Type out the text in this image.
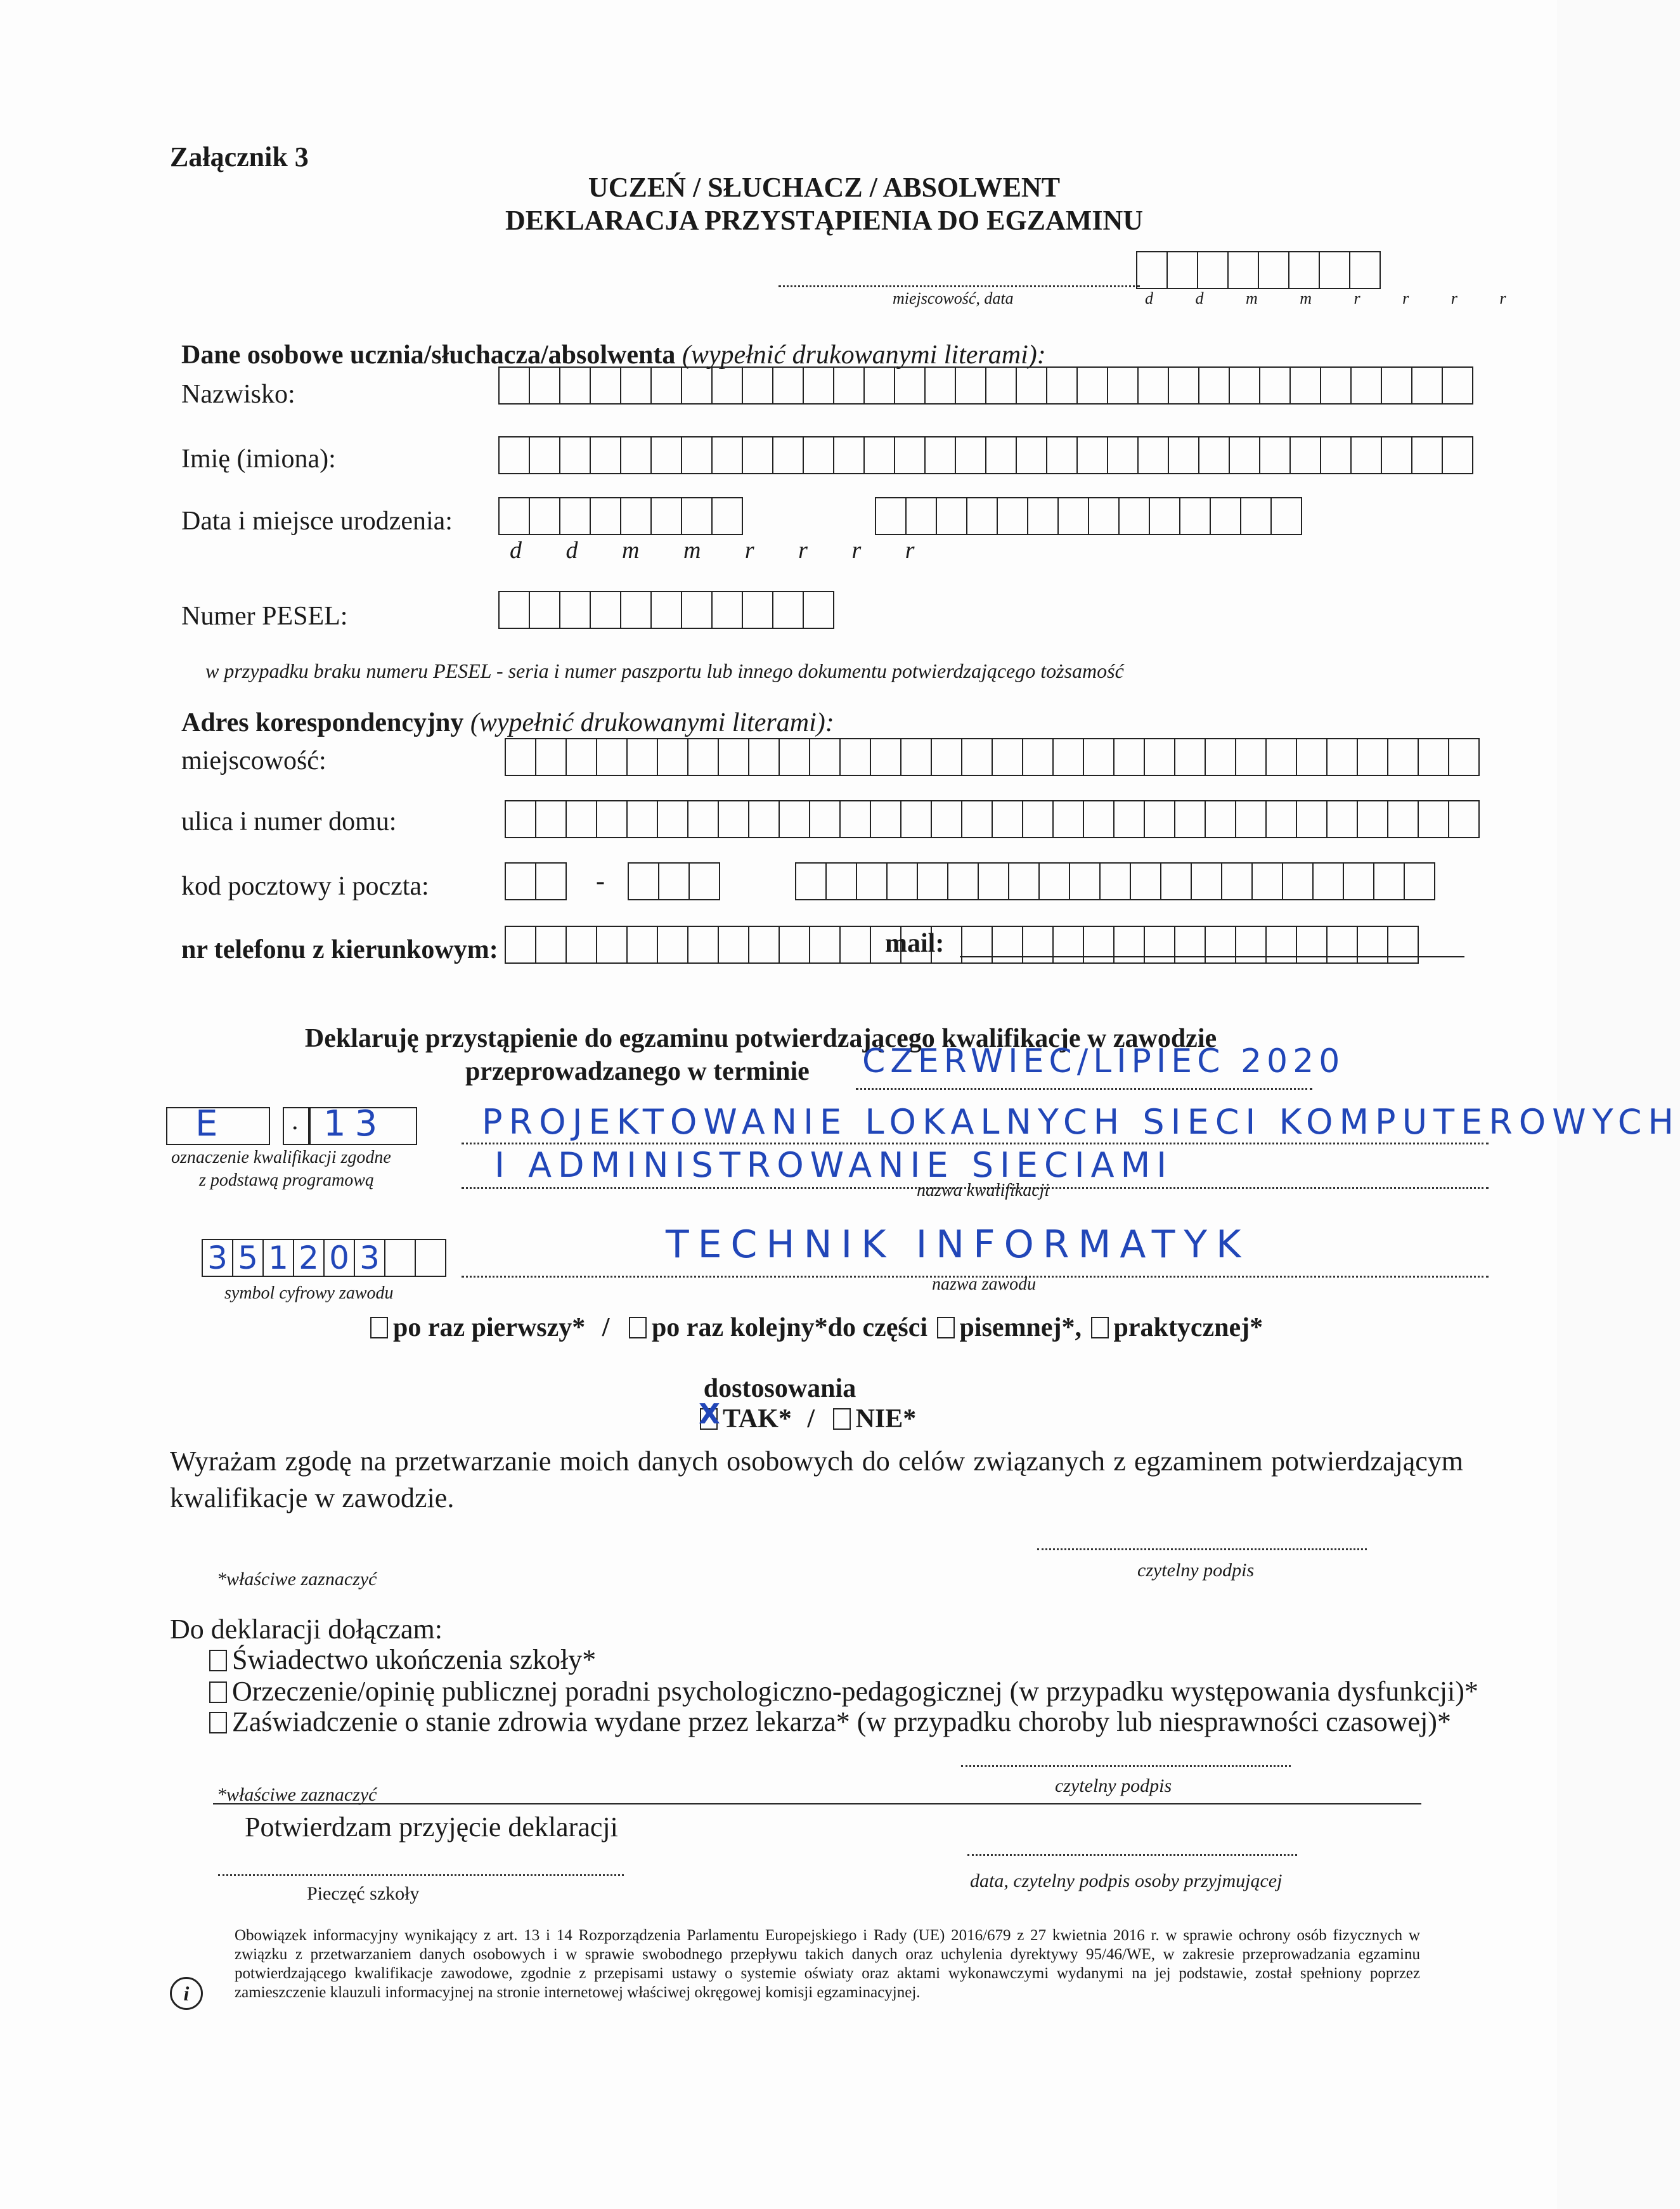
Załącznik 3
UCZEŃ / SŁUCHACZ / ABSOLWENT
DEKLARACJA PRZYSTĄPIENIA DO EGZAMINU
miejscowość, data	d d m m r r r r
Dane osobowe ucznia/słuchacza/absolwenta (wypełnić drukowanymi literami):
Nazwisko:
Imię (imiona):
Data i miejsce urodzenia:
d d m m r r r r
Numer PESEL:
w przypadku braku numeru PESEL - seria i numer paszportu lub innego dokumentu potwierdzającego tożsamość
Adres korespondencyjny (wypełnić drukowanymi literami):
miejscowość:
ulica i numer domu:
kod pocztowy i poczta:	-
nr telefonu z kierunkowym:	mail:
Deklaruję przystąpienie do egzaminu potwierdzającego kwalifikacje w zawodzie
przeprowadzanego w terminie CZERWIEC/LIPIEC 2020
E . 13
oznaczenie kwalifikacji zgodne
z podstawą programową
PROJEKTOWANIE LOKALNYCH SIECI KOMPUTEROWYCH
I ADMINISTROWANIE SIECIAMI
nazwa kwalifikacji
3 5 1 2 0 3
symbol cyfrowy zawodu
TECHNIK INFORMATYK
nazwa zawodu
po raz pierwszy* / po raz kolejny*do części pisemnej*, praktycznej*
dostosowania
X TAK* / NIE*
Wyrażam zgodę na przetwarzanie moich danych osobowych do celów związanych z egzaminem potwierdzającym kwalifikacje w zawodzie.
*właściwe zaznaczyć	czytelny podpis
Do deklaracji dołączam:
Świadectwo ukończenia szkoły*
Orzeczenie/opinię publicznej poradni psychologiczno-pedagogicznej (w przypadku występowania dysfunkcji)*
Zaświadczenie o stanie zdrowia wydane przez lekarza* (w przypadku choroby lub niesprawności czasowej)*
*właściwe zaznaczyć	czytelny podpis
Potwierdzam przyjęcie deklaracji
Pieczęć szkoły
data, czytelny podpis osoby przyjmującej
i
Obowiązek informacyjny wynikający z art. 13 i 14 Rozporządzenia Parlamentu Europejskiego i Rady (UE) 2016/679 z 27 kwietnia 2016 r. w sprawie ochrony osób fizycznych w związku z przetwarzaniem danych osobowych i w sprawie swobodnego przepływu takich danych oraz uchylenia dyrektywy 95/46/WE, w zakresie przeprowadzania egzaminu potwierdzającego kwalifikacje zawodowe, zgodnie z przepisami ustawy o systemie oświaty oraz aktami wykonawczymi wydanymi na jej podstawie, został spełniony poprzez zamieszczenie klauzuli informacyjnej na stronie internetowej właściwej okręgowej komisji egzaminacyjnej.
